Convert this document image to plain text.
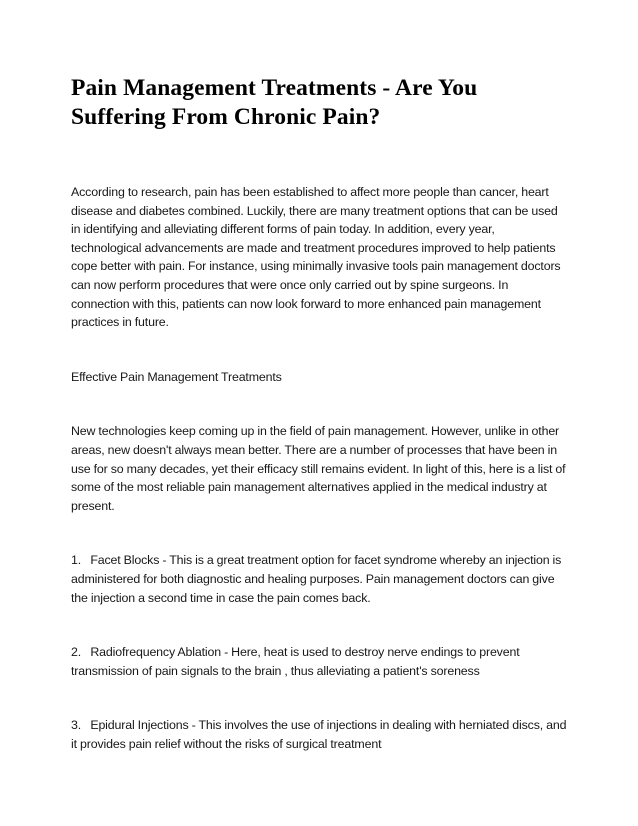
Pain Management Treatments - Are You Suffering From Chronic Pain?

According to research, pain has been established to affect more people than cancer, heart disease and diabetes combined. Luckily, there are many treatment options that can be used in identifying and alleviating different forms of pain today. In addition, every year, technological advancements are made and treatment procedures improved to help patients cope better with pain. For instance, using minimally invasive tools pain management doctors can now perform procedures that were once only carried out by spine surgeons. In connection with this, patients can now look forward to more enhanced pain management practices in future.

Effective Pain Management Treatments

New technologies keep coming up in the field of pain management. However, unlike in other areas, new doesn't always mean better. There are a number of processes that have been in use for so many decades, yet their efficacy still remains evident. In light of this, here is a list of some of the most reliable pain management alternatives applied in the medical industry at present.

1. Facet Blocks - This is a great treatment option for facet syndrome whereby an injection is administered for both diagnostic and healing purposes. Pain management doctors can give the injection a second time in case the pain comes back.

2. Radiofrequency Ablation - Here, heat is used to destroy nerve endings to prevent transmission of pain signals to the brain , thus alleviating a patient's soreness

3. Epidural Injections - This involves the use of injections in dealing with herniated discs, and it provides pain relief without the risks of surgical treatment
